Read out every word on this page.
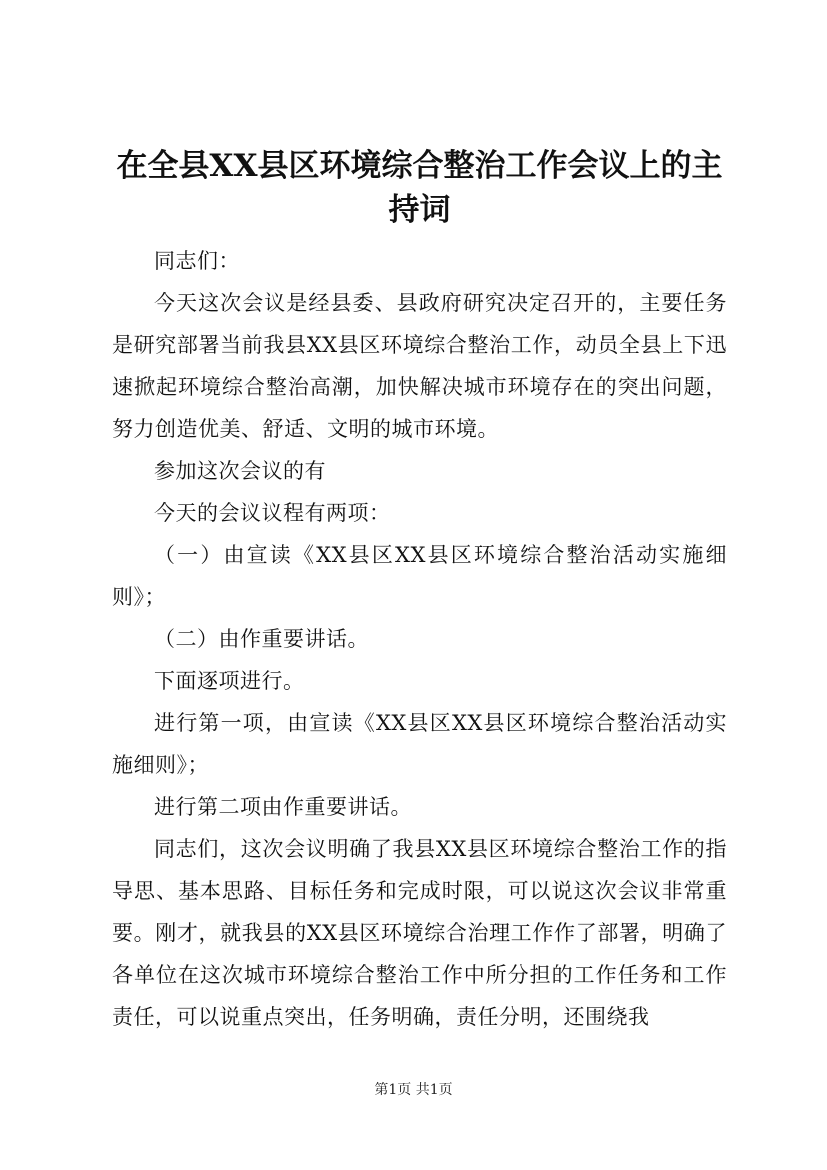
在全县XX县区环境综合整治工作会议上的主
持词

同志们：

今天这次会议是经县委、县政府研究决定召开的，主要任务是研究部署当前我县XX县区环境综合整治工作，动员全县上下迅速掀起环境综合整治高潮，加快解决城市环境存在的突出问题，努力创造优美、舒适、文明的城市环境。

参加这次会议的有

今天的会议议程有两项：

（一）由宣读《XX县区XX县区环境综合整治活动实施细则》；

（二）由作重要讲话。

下面逐项进行。

进行第一项，由宣读《XX县区XX县区环境综合整治活动实施细则》；

进行第二项由作重要讲话。

同志们，这次会议明确了我县XX县区环境综合整治工作的指导思、基本思路、目标任务和完成时限，可以说这次会议非常重要。刚才，就我县的XX县区环境综合治理工作作了部署，明确了各单位在这次城市环境综合整治工作中所分担的工作任务和工作责任，可以说重点突出，任务明确，责任分明，还围绕我

第1页 共1页
